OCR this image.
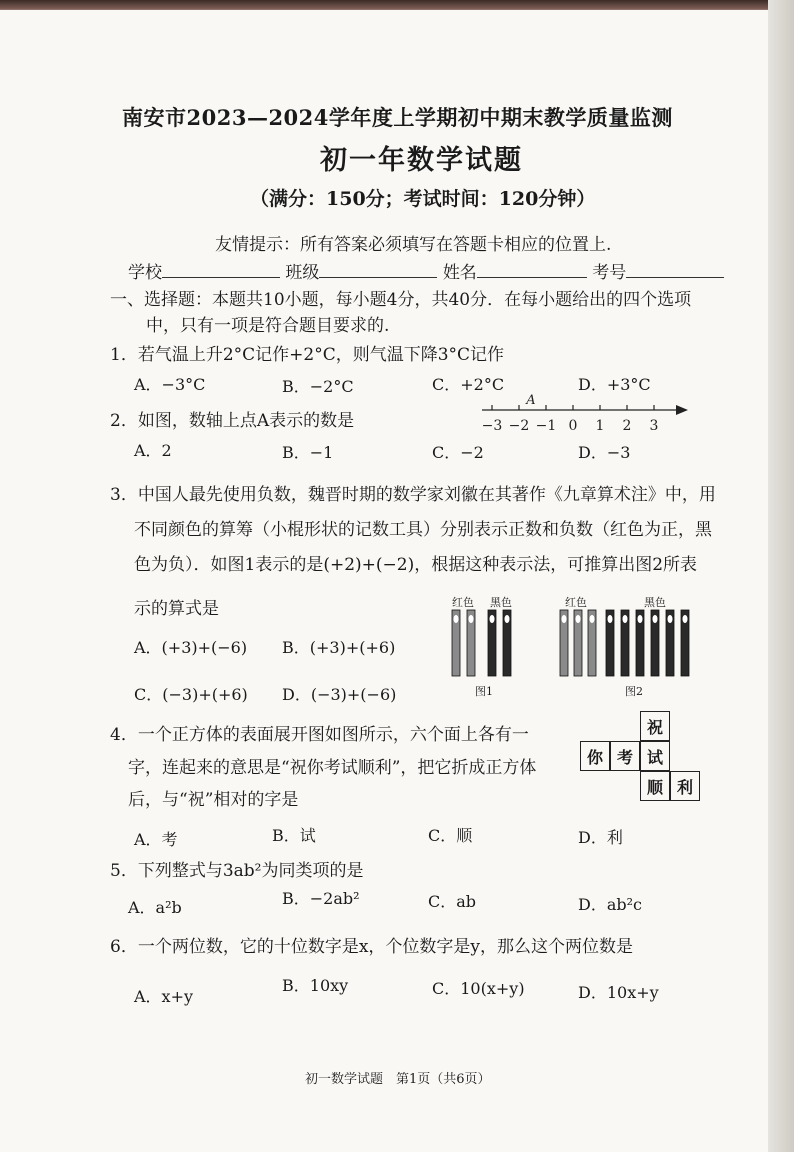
南安市2023—2024学年度上学期初中期末教学质量监测
初一年数学试题
（满分：150分；考试时间：120分钟）
友情提示：所有答案必须填写在答题卡相应的位置上.
学校	班级	姓名	考号
一、选择题：本题共10小题，每小题4分，共40分．在每小题给出的四个选项
中，只有一项是符合题目要求的.
1．若气温上升2°C记作+2°C，则气温下降3°C记作
A．−3°C	B．−2°C	C．+2°C	D．+3°C
2．如图，数轴上点A表示的数是
A．2	B．−1	C．−2	D．−3
−3 −2 −1 0 1 2 3
A
3．中国人最先使用负数，魏晋时期的数学家刘徽在其著作《九章算术注》中，用
不同颜色的算筹（小棍形状的记数工具）分别表示正数和负数（红色为正，黑
色为负）．如图1表示的是(+2)+(−2)，根据这种表示法，可推算出图2所表
示的算式是
A．(+3)+(−6) B．(+3)+(+6)
C．(−3)+(+6) D．(−3)+(−6)
红色 黑色
图1
红色	黑色
图2
4．一个正方体的表面展开图如图所示，六个面上各有一
字，连起来的意思是“祝你考试顺利”，把它折成正方体
后，与“祝”相对的字是
A．考	B．试	C．顺	D．利
祝
你 考 试
顺 利
5．下列整式与3ab²为同类项的是
A．a²b	B．−2ab²	C．ab	D．ab²c
6．一个两位数，它的十位数字是x，个位数字是y，那么这个两位数是
A．x+y
B．10xy	C．10(x+y)	D．10x+y
初一数学试题　第1页（共6页）
